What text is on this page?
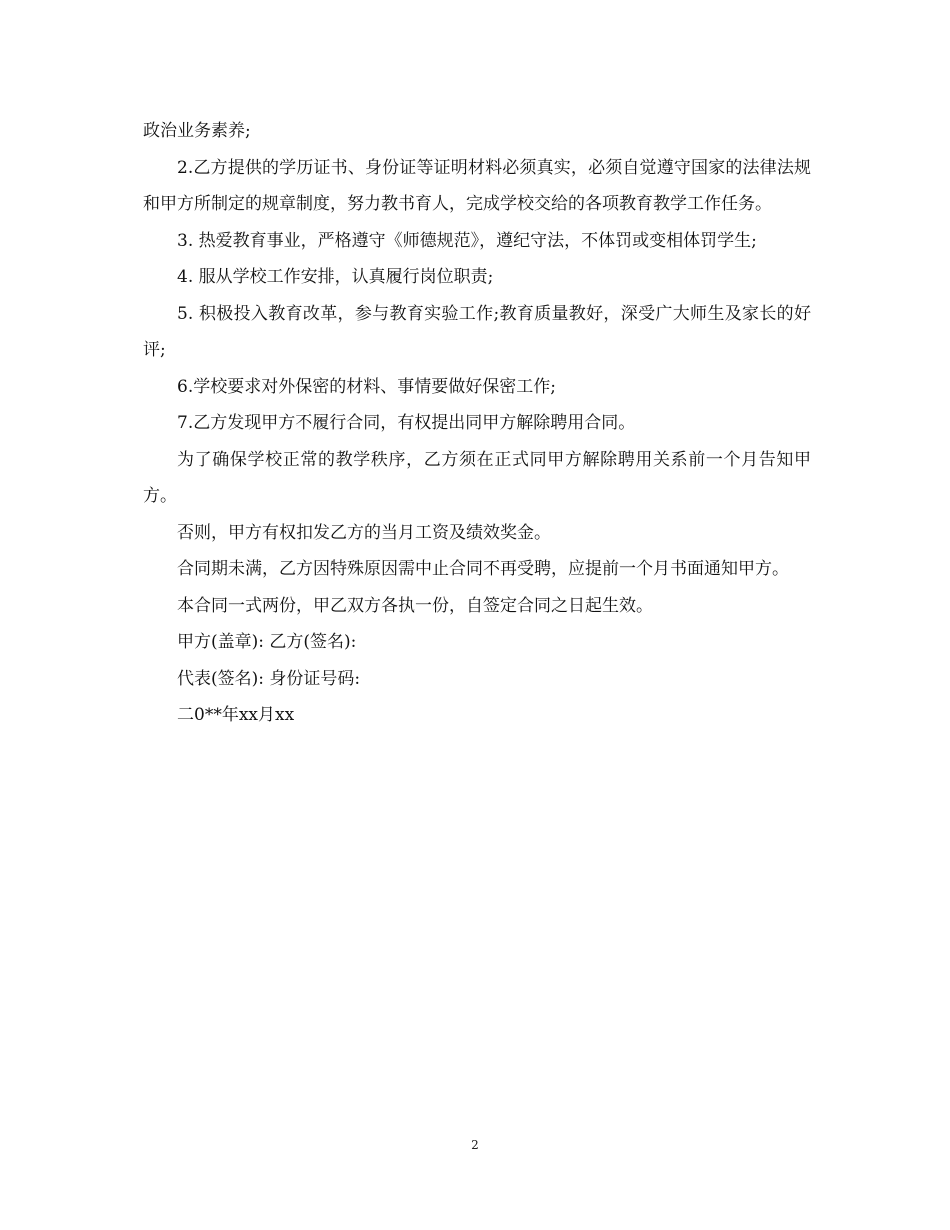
政治业务素养;

2.乙方提供的学历证书、身份证等证明材料必须真实，必须自觉遵守国家的法律法规和甲方所制定的规章制度，努力教书育人，完成学校交给的各项教育教学工作任务。

3. 热爱教育事业，严格遵守《师德规范》，遵纪守法，不体罚或变相体罚学生;

4. 服从学校工作安排，认真履行岗位职责;

5. 积极投入教育改革，参与教育实验工作;教育质量教好，深受广大师生及家长的好评;

6.学校要求对外保密的材料、事情要做好保密工作;

7.乙方发现甲方不履行合同，有权提出同甲方解除聘用合同。

为了确保学校正常的教学秩序，乙方须在正式同甲方解除聘用关系前一个月告知甲方。

否则，甲方有权扣发乙方的当月工资及绩效奖金。

合同期未满，乙方因特殊原因需中止合同不再受聘，应提前一个月书面通知甲方。

本合同一式两份，甲乙双方各执一份，自签定合同之日起生效。

甲方(盖章): 乙方(签名):

代表(签名): 身份证号码:

二0**年xx月xx

2
